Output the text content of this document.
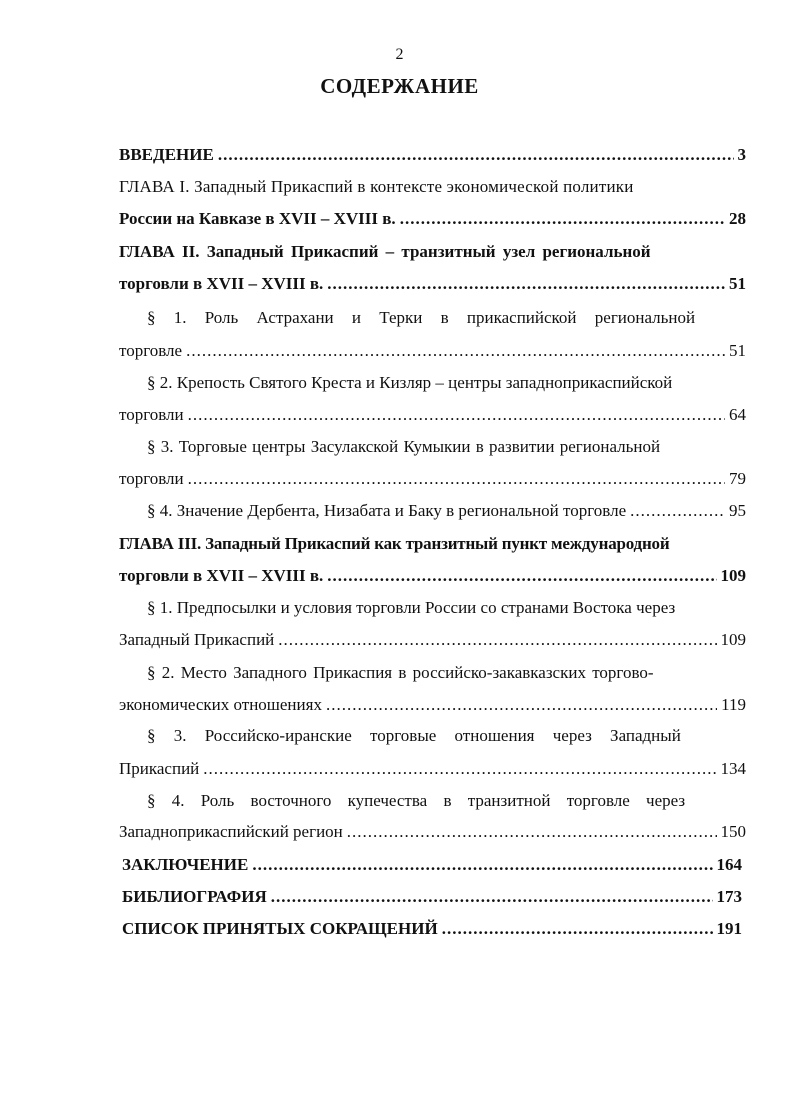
2
СОДЕРЖАНИЕ
ВВЕДЕНИЕ .....	3
ГЛАВА I. Западный Прикаспий в контексте экономической политики
России на Кавказе в XVII – XVIII в. .....	28
ГЛАВА II. Западный Прикаспий – транзитный узел региональной
торговли в XVII – XVIII в. .....	51
§ 1. Роль Астрахани и Терки в прикаспийской региональной
торговле .....	51
§ 2. Крепость Святого Креста и Кизляр – центры западноприкаспийской
торговли .....	64
§ 3. Торговые центры Засулакской Кумыкии в развитии региональной
торговли .....	79
§ 4. Значение Дербента, Низабата и Баку в региональной торговле .....	95
ГЛАВА III. Западный Прикаспий как транзитный пункт международной
торговли в XVII – XVIII в. .....	109
§ 1. Предпосылки и условия торговли России со странами Востока через
Западный Прикаспий .....	109
§ 2. Место Западного Прикаспия в российско-закавказских торгово-
экономических отношениях .....	119
§ 3. Российско-иранские торговые отношения через Западный
Прикаспий .....	134
§ 4. Роль восточного купечества в транзитной торговле через
Западноприкаспийский регион .....	150
ЗАКЛЮЧЕНИЕ .....	164
БИБЛИОГРАФИЯ .....	173
СПИСОК ПРИНЯТЫХ СОКРАЩЕНИЙ .....	191
